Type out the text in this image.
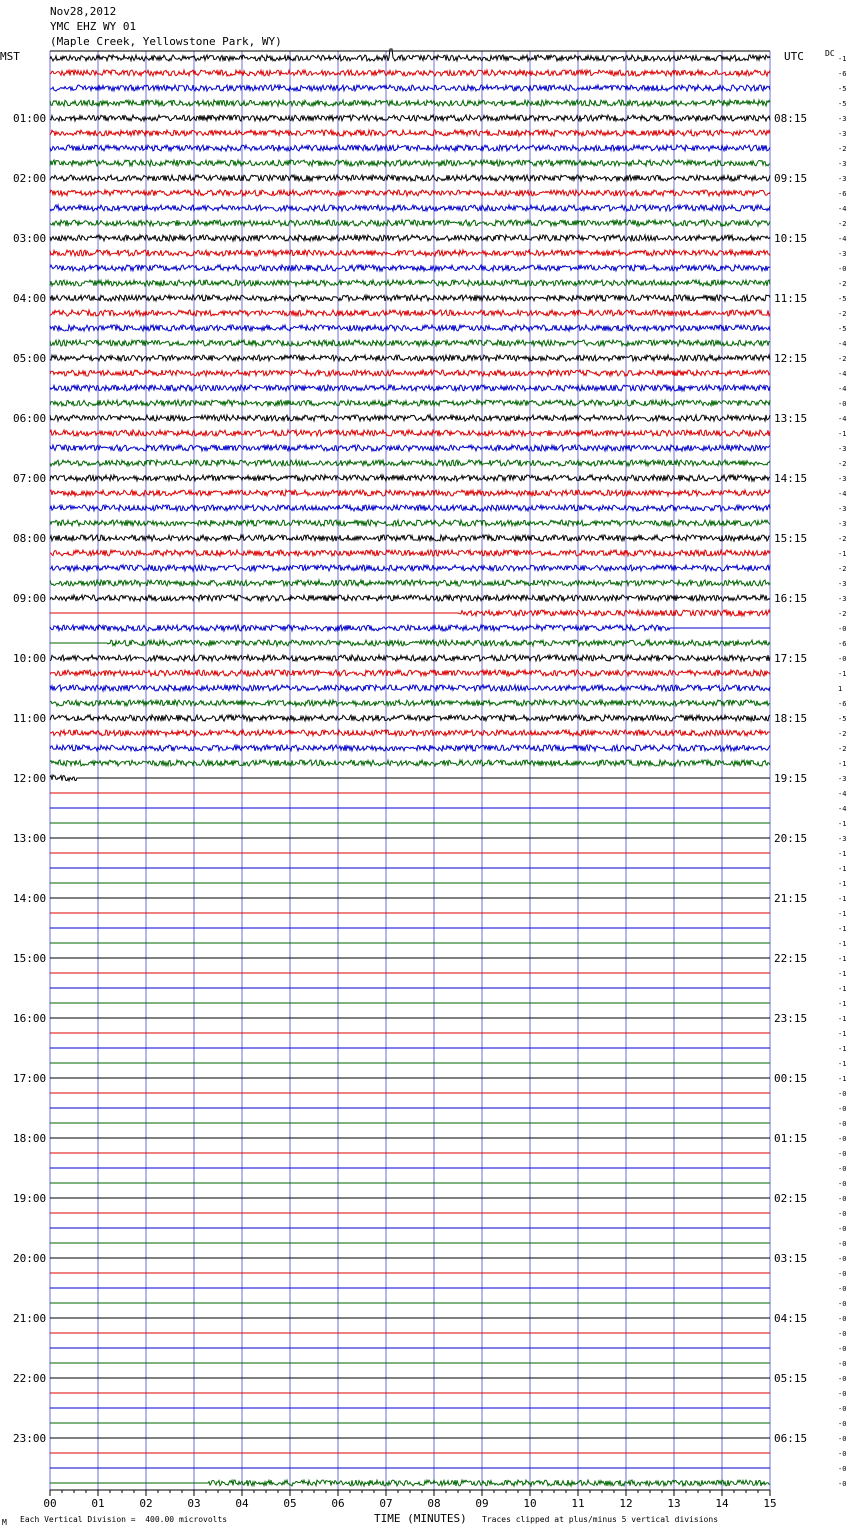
-1
-6
-5
-5
-3
-3
-2
-3
-3
-6
-4
-2
-4
-3
-0
-2
-5
-2
-5
-4
-2
-4
-4
-0
-4
-1
-3
-2
-3
-4
-3
-3
-2
-1
-2
-3
-3
-2
-0
-6
-0
-1
1
-6
-5
-2
-2
-1
-3
-4
-4
-1
-3
-1
-1
-1
-1
-1
-1
-1
-1
-1
-1
-1
-1
-1
-1
-1
-1
-0
-0
-0
-0
-0
-0
-0
-0
-0
-0
-0
-0
-0
-0
-0
-0
-0
-0
-0
-0
-0
-0
-0
-0
-0
-0
-0
01:00
02:00
03:00
04:00
05:00
06:00
07:00
08:00
09:00
10:00
11:00
12:00
13:00
14:00
15:00
16:00
17:00
18:00
19:00
20:00
21:00
22:00
23:00
08:15
09:15
10:15
11:15
12:15
13:15
14:15
15:15
16:15
17:15
18:15
19:15
20:15
21:15
22:15
23:15
00:15
01:15
02:15
03:15
04:15
05:15
06:15
00	01	02	03	04	05	06	07	08	09	10	11	12	13	14	15
Nov28,2012
YMC EHZ WY 01
(Maple Creek, Yellowstone Park, WY)
MST	UTC	DC
M Each Vertical Division =  400.00 microvolts	TIME (MINUTES) Traces clipped at plus/minus 5 vertical divisions
